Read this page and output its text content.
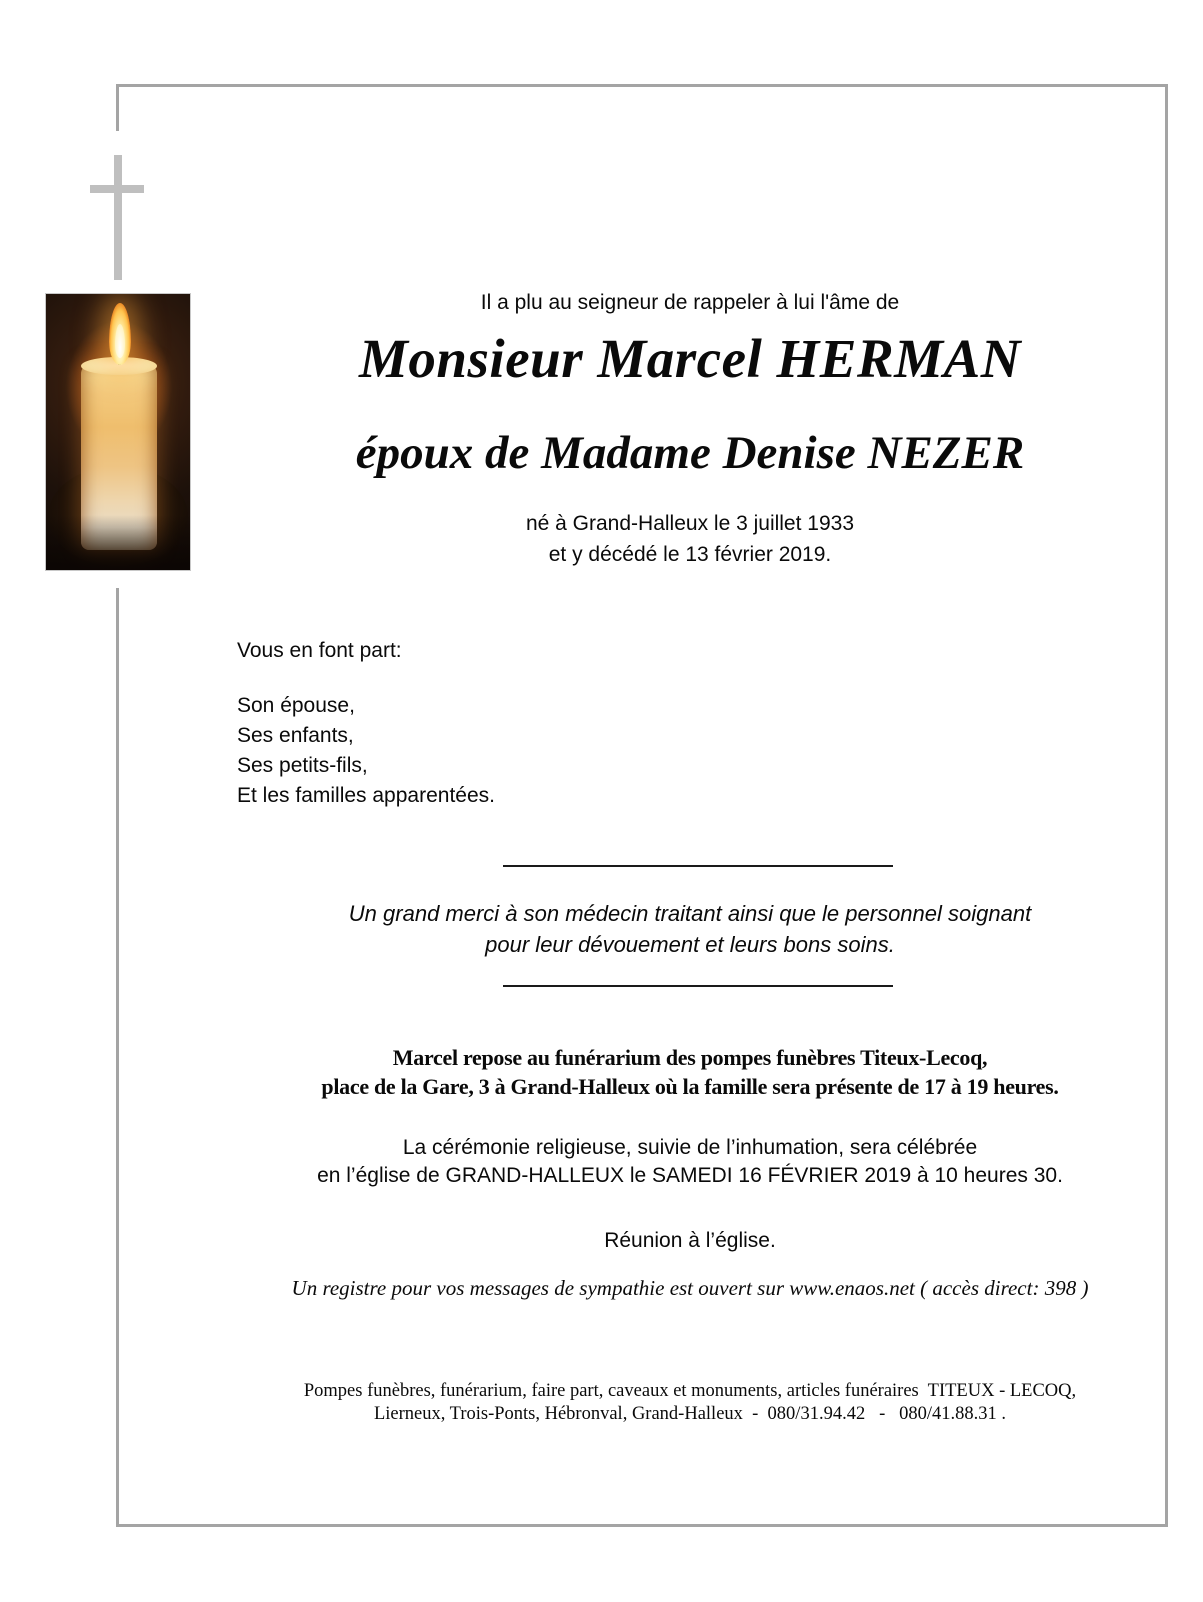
Il a plu au seigneur de rappeler à lui l'âme de
Monsieur Marcel HERMAN
époux de Madame Denise NEZER
né à Grand-Halleux le 3 juillet 1933
et y décédé le 13 février 2019.
Vous en font part:
Son épouse,
Ses enfants,
Ses petits-fils,
Et les familles apparentées.
Un grand merci à son médecin traitant ainsi que le personnel soignant
pour leur dévouement et leurs bons soins.
Marcel repose au funérarium des pompes funèbres Titeux-Lecoq,
place de la Gare, 3 à Grand-Halleux où la famille sera présente de 17 à 19 heures.
La cérémonie religieuse, suivie de l’inhumation, sera célébrée
en l’église de GRAND-HALLEUX le SAMEDI 16 FÉVRIER 2019 à 10 heures 30.
Réunion à l’église.
Un registre pour vos messages de sympathie est ouvert sur www.enaos.net ( accès direct: 398 )
Pompes funèbres, funérarium, faire part, caveaux et monuments, articles funéraires  TITEUX - LECOQ,
Lierneux, Trois-Ponts, Hébronval, Grand-Halleux  -  080/31.94.42   -   080/41.88.31 .
